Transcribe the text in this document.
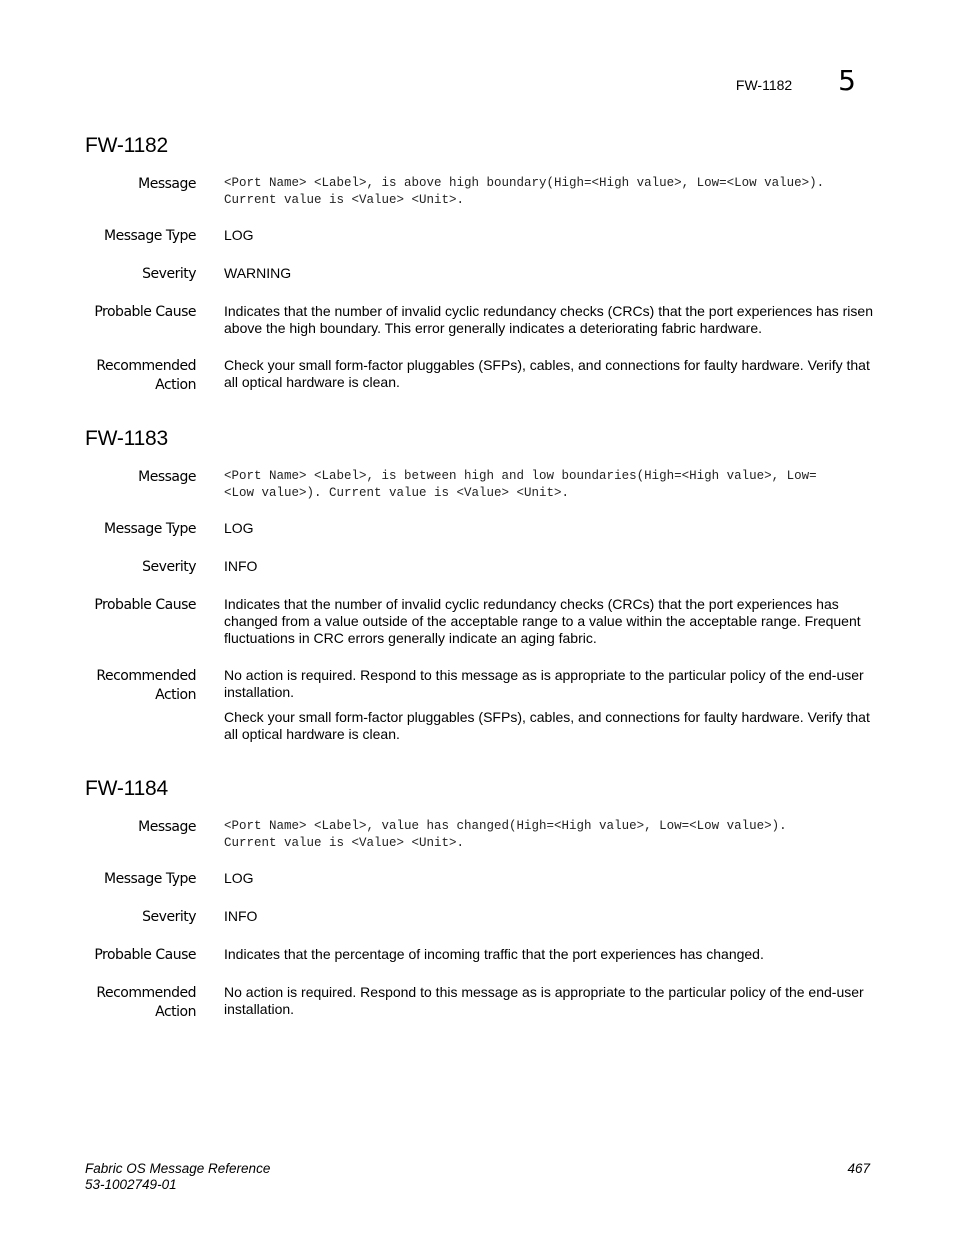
FW-1182 5
FW-1182
Message <Port Name> <Label>, is above high boundary(High=<High value>, Low=<Low value>). Current value is <Value> <Unit>.
Message Type LOG
Severity WARNING
Probable Cause Indicates that the number of invalid cyclic redundancy checks (CRCs) that the port experiences has risen above the high boundary. This error generally indicates a deteriorating fabric hardware.
Recommended
Action

Check your small form-factor pluggables (SFPs), cables, and connections for faulty hardware. Verify that all optical hardware is clean.

FW-1183
Message <Port Name> <Label>, is between high and low boundaries(High=<High value>, Low=<Low value>). Current value is <Value> <Unit>.
Message Type LOG
Severity INFO
Probable Cause Indicates that the number of invalid cyclic redundancy checks (CRCs) that the port experiences has changed from a value outside of the acceptable range to a value within the acceptable range. Frequent fluctuations in CRC errors generally indicate an aging fabric.
Recommended
Action

No action is required. Respond to this message as is appropriate to the particular policy of the end-user installation.

Check your small form-factor pluggables (SFPs), cables, and connections for faulty hardware. Verify that all optical hardware is clean.

FW-1184
Message <Port Name> <Label>, value has changed(High=<High value>, Low=<Low value>). Current value is <Value> <Unit>.
Message Type LOG
Severity INFO
Probable Cause Indicates that the percentage of incoming traffic that the port experiences has changed.
Recommended
Action

No action is required. Respond to this message as is appropriate to the particular policy of the end-user installation.

Fabric OS Message Reference
53-1002749-01
467
